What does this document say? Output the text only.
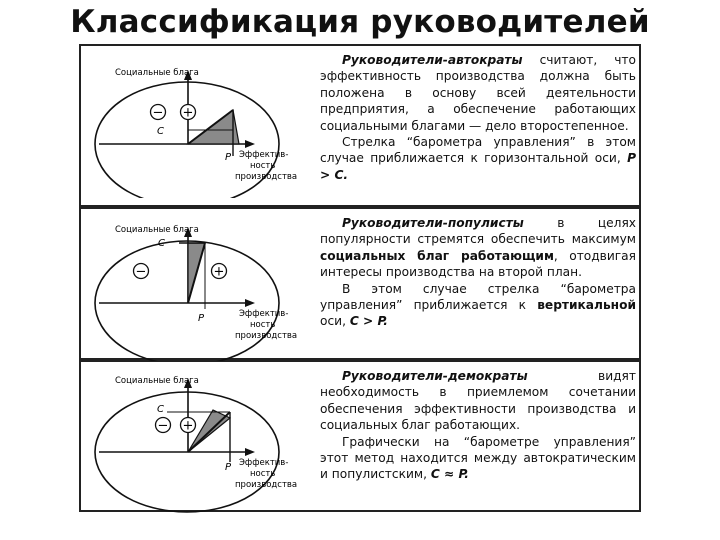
Классификация руководителей
− +
Социальные блага
C
P Эффектив-
ность
производства

Руководители-автократы считают, что эффективность производства должна быть положена в основу всей деятельности предприятия, а обеспечение работающих социальными благами — дело второстепенное.

Стрелка “барометра управления” в этом случае приближается к горизонтальной оси, P > C.

−	+
Социальные блага
C
P	Эффектив-
ность
производства

Руководители-популисты в целях популярности стремятся обеспечить максимум социальных благ работающим, отодвигая интересы производства на второй план.

В этом случае стрелка “барометра управления” приближается к вертикальной оси, C > P.

− +
Социальные блага
C
P Эффектив-
ность
производства

Руководители-демократы видят необходимость в приемлемом сочетании обеспечения эффективности производства и социальных благ работающих.

Графически на “барометре управления” этот метод находится между автократическим и популистским, C ≈ P.
